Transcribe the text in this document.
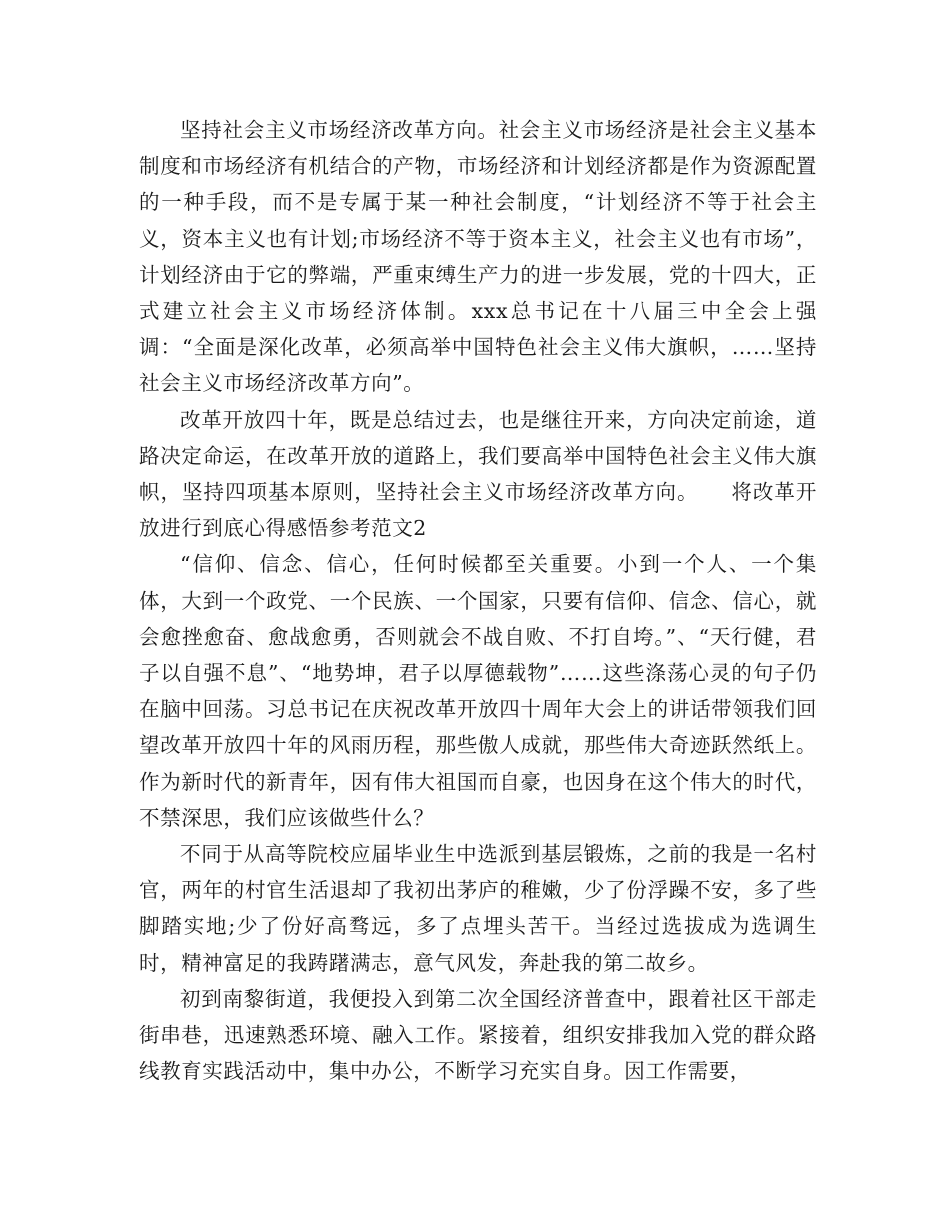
坚持社会主义市场经济改革方向。社会主义市场经济是社会主义基本制度和市场经济有机结合的产物，市场经济和计划经济都是作为资源配置的一种手段，而不是专属于某一种社会制度，“计划经济不等于社会主义，资本主义也有计划;市场经济不等于资本主义，社会主义也有市场”，计划经济由于它的弊端，严重束缚生产力的进一步发展，党的十四大，正式建立社会主义市场经济体制。xxx总书记在十八届三中全会上强调：“全面是深化改革，必须高举中国特色社会主义伟大旗帜，……坚持社会主义市场经济改革方向”。

改革开放四十年，既是总结过去，也是继往开来，方向决定前途，道路决定命运，在改革开放的道路上，我们要高举中国特色社会主义伟大旗帜，坚持四项基本原则，坚持社会主义市场经济改革方向。　　将改革开放进行到底心得感悟参考范文2

“信仰、信念、信心，任何时候都至关重要。小到一个人、一个集体，大到一个政党、一个民族、一个国家，只要有信仰、信念、信心，就会愈挫愈奋、愈战愈勇，否则就会不战自败、不打自垮。”、“天行健，君子以自强不息”、“地势坤，君子以厚德载物”……这些涤荡心灵的句子仍在脑中回荡。习总书记在庆祝改革开放四十周年大会上的讲话带领我们回望改革开放四十年的风雨历程，那些傲人成就，那些伟大奇迹跃然纸上。作为新时代的新青年，因有伟大祖国而自豪，也因身在这个伟大的时代，不禁深思，我们应该做些什么？

不同于从高等院校应届毕业生中选派到基层锻炼，之前的我是一名村官，两年的村官生活退却了我初出茅庐的稚嫩，少了份浮躁不安，多了些脚踏实地;少了份好高骛远，多了点埋头苦干。当经过选拔成为选调生时，精神富足的我踌躇满志，意气风发，奔赴我的第二故乡。

初到南黎街道，我便投入到第二次全国经济普查中，跟着社区干部走街串巷，迅速熟悉环境、融入工作。紧接着，组织安排我加入党的群众路线教育实践活动中，集中办公，不断学习充实自身。因工作需要，
